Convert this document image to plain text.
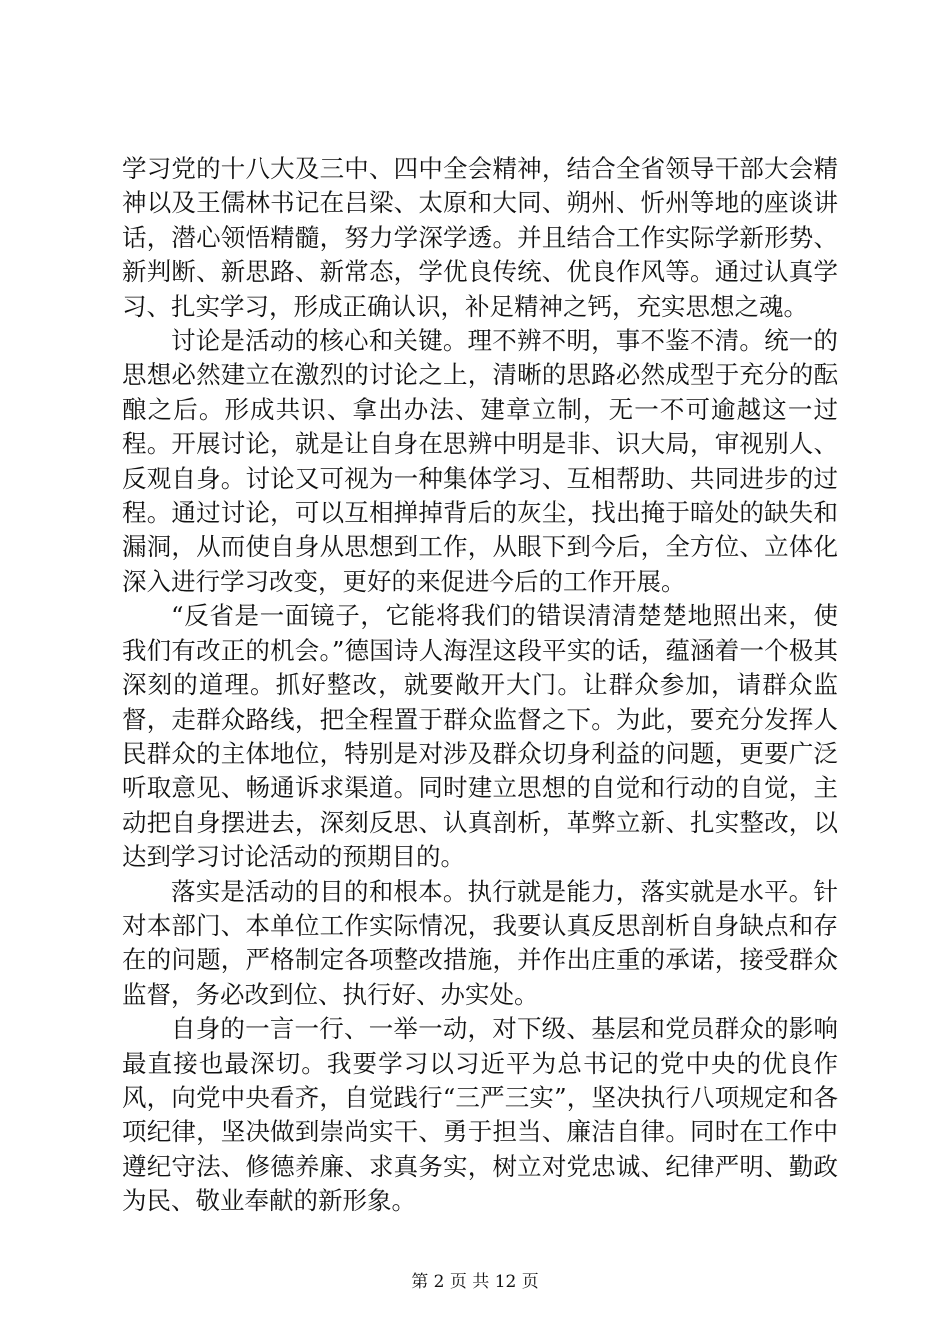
学习党的十八大及三中、四中全会精神，结合全省领导干部大会精神以及王儒林书记在吕梁、太原和大同、朔州、忻州等地的座谈讲话，潜心领悟精髓，努力学深学透。并且结合工作实际学新形势、新判断、新思路、新常态，学优良传统、优良作风等。通过认真学习、扎实学习，形成正确认识，补足精神之钙，充实思想之魂。

讨论是活动的核心和关键。理不辨不明，事不鉴不清。统一的思想必然建立在激烈的讨论之上，清晰的思路必然成型于充分的酝酿之后。形成共识、拿出办法、建章立制，无一不可逾越这一过程。开展讨论，就是让自身在思辨中明是非、识大局，审视别人、反观自身。讨论又可视为一种集体学习、互相帮助、共同进步的过程。通过讨论，可以互相掸掉背后的灰尘，找出掩于暗处的缺失和漏洞，从而使自身从思想到工作，从眼下到今后，全方位、立体化深入进行学习改变，更好的来促进今后的工作开展。

“反省是一面镜子，它能将我们的错误清清楚楚地照出来，使我们有改正的机会。”德国诗人海涅这段平实的话，蕴涵着一个极其深刻的道理。抓好整改，就要敞开大门。让群众参加，请群众监督，走群众路线，把全程置于群众监督之下。为此，要充分发挥人民群众的主体地位，特别是对涉及群众切身利益的问题，更要广泛听取意见、畅通诉求渠道。同时建立思想的自觉和行动的自觉，主动把自身摆进去，深刻反思、认真剖析，革弊立新、扎实整改，以达到学习讨论活动的预期目的。

落实是活动的目的和根本。执行就是能力，落实就是水平。针对本部门、本单位工作实际情况，我要认真反思剖析自身缺点和存在的问题，严格制定各项整改措施，并作出庄重的承诺，接受群众监督，务必改到位、执行好、办实处。

自身的一言一行、一举一动，对下级、基层和党员群众的影响最直接也最深切。我要学习以习近平为总书记的党中央的优良作风，向党中央看齐，自觉践行“三严三实”，坚决执行八项规定和各项纪律，坚决做到崇尚实干、勇于担当、廉洁自律。同时在工作中遵纪守法、修德养廉、求真务实，树立对党忠诚、纪律严明、勤政为民、敬业奉献的新形象。

第 2 页 共 12 页
